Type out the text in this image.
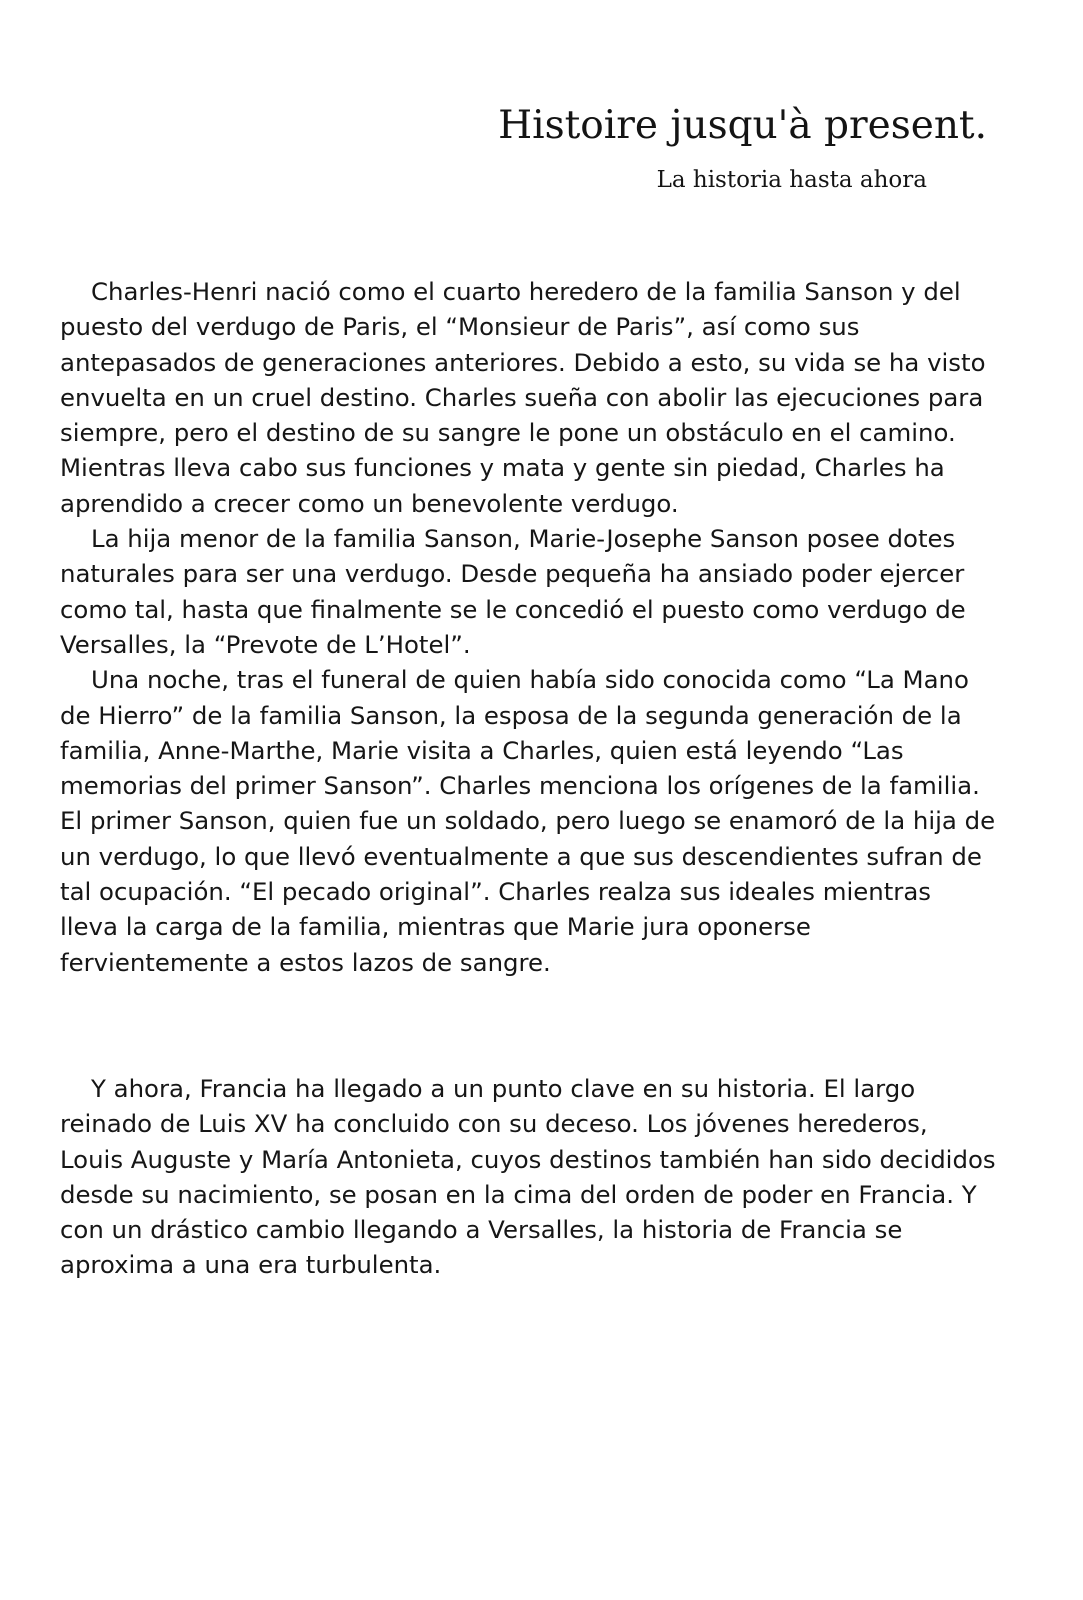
Histoire jusqu'à present.
La historia hasta ahora

Charles-Henri nació como el cuarto heredero de la familia Sanson y del puesto del verdugo de Paris, el “Monsieur de Paris”, así como sus antepasados de generaciones anteriores. Debido a esto, su vida se ha visto envuelta en un cruel destino. Charles sueña con abolir las ejecuciones para siempre, pero el destino de su sangre le pone un obstáculo en el camino. Mientras lleva cabo sus funciones y mata y gente sin piedad, Charles ha aprendido a crecer como un benevolente verdugo.

La hija menor de la familia Sanson, Marie-Josephe Sanson posee dotes naturales para ser una verdugo. Desde pequeña ha ansiado poder ejercer como tal, hasta que finalmente se le concedió el puesto como verdugo de Versalles, la “Prevote de L’Hotel”.

Una noche, tras el funeral de quien había sido conocida como “La Mano de Hierro” de la familia Sanson, la esposa de la segunda generación de la familia, Anne-Marthe, Marie visita a Charles, quien está leyendo “Las memorias del primer Sanson”. Charles menciona los orígenes de la familia. El primer Sanson, quien fue un soldado, pero luego se enamoró de la hija de un verdugo, lo que llevó eventualmente a que sus descendientes sufran de tal ocupación. “El pecado original”. Charles realza sus ideales mientras lleva la carga de la familia, mientras que Marie jura oponerse fervientemente a estos lazos de sangre.

Y ahora, Francia ha llegado a un punto clave en su historia. El largo reinado de Luis XV ha concluido con su deceso. Los jóvenes herederos, Louis Auguste y María Antonieta, cuyos destinos también han sido decididos desde su nacimiento, se posan en la cima del orden de poder en Francia. Y con un drástico cambio llegando a Versalles, la historia de Francia se aproxima a una era turbulenta.
